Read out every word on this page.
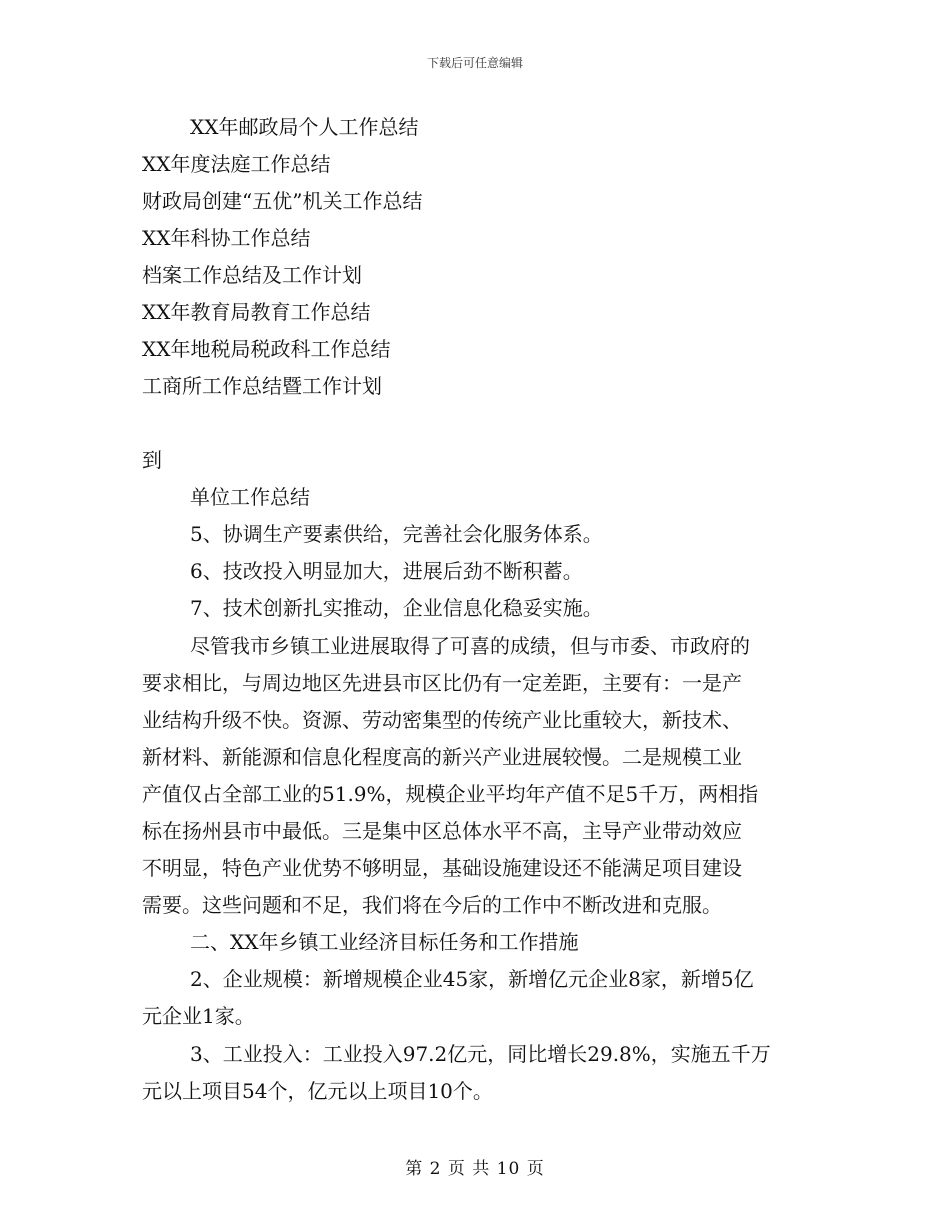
下载后可任意编辑
XX年邮政局个人工作总结
XX年度法庭工作总结
财政局创建“五优”机关工作总结
XX年科协工作总结
档案工作总结及工作计划
XX年教育局教育工作总结
XX年地税局税政科工作总结
工商所工作总结暨工作计划
到
单位工作总结
5、协调生产要素供给，完善社会化服务体系。
6、技改投入明显加大，进展后劲不断积蓄。
7、技术创新扎实推动，企业信息化稳妥实施。
尽管我市乡镇工业进展取得了可喜的成绩，但与市委、市政府的
要求相比，与周边地区先进县市区比仍有一定差距，主要有：一是产
业结构升级不快。资源、劳动密集型的传统产业比重较大，新技术、
新材料、新能源和信息化程度高的新兴产业进展较慢。二是规模工业
产值仅占全部工业的51.9%，规模企业平均年产值不足5千万，两相指
标在扬州县市中最低。三是集中区总体水平不高，主导产业带动效应
不明显，特色产业优势不够明显，基础设施建设还不能满足项目建设
需要。这些问题和不足，我们将在今后的工作中不断改进和克服。
二、XX年乡镇工业经济目标任务和工作措施
2、企业规模：新增规模企业45家，新增亿元企业8家，新增5亿
元企业1家。
3、工业投入：工业投入97.2亿元，同比增长29.8%，实施五千万
元以上项目54个，亿元以上项目10个。
第 2 页 共 10 页
